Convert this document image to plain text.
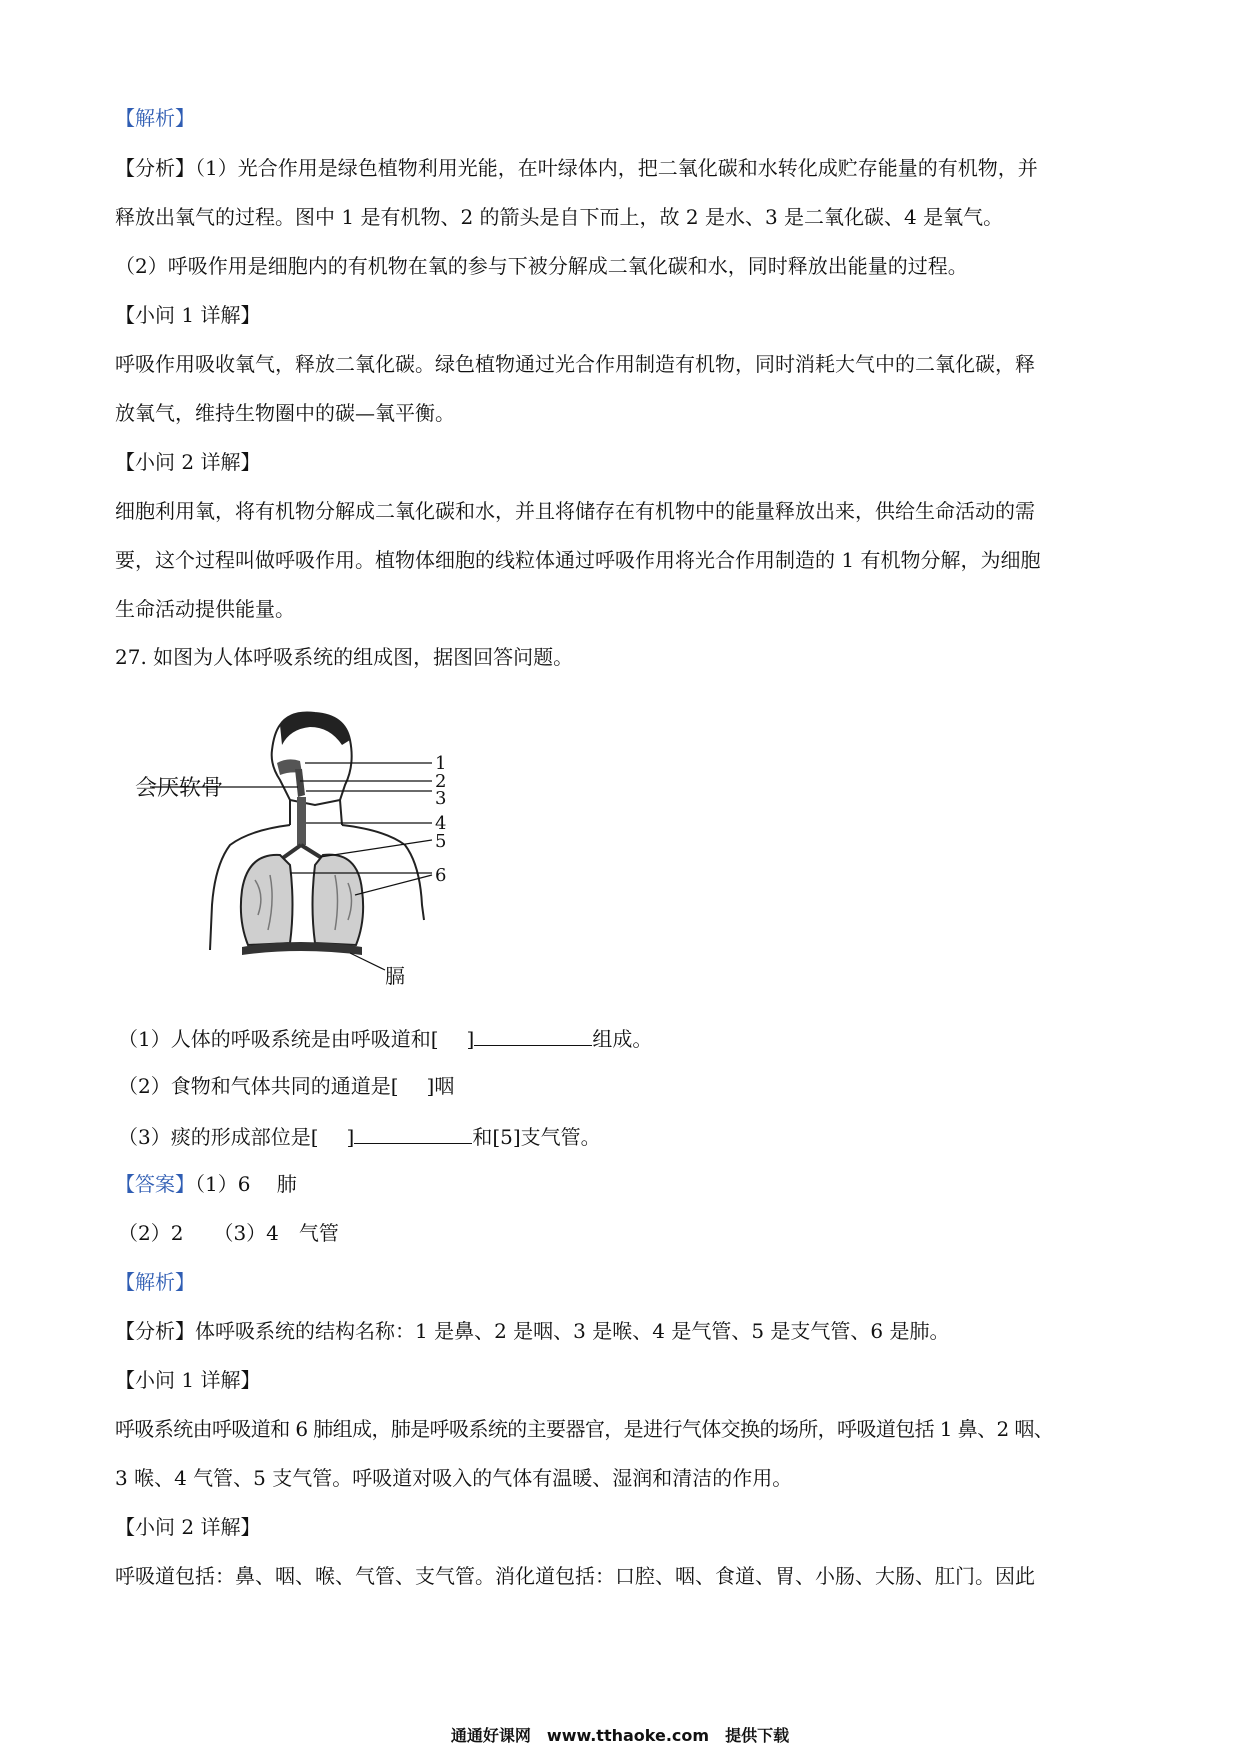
【解析】
【分析】（1）光合作用是绿色植物利用光能，在叶绿体内，把二氧化碳和水转化成贮存能量的有机物，并
释放出氧气的过程。图中 1 是有机物、2 的箭头是自下而上，故 2 是水、3 是二氧化碳、4 是氧气。
（2）呼吸作用是细胞内的有机物在氧的参与下被分解成二氧化碳和水，同时释放出能量的过程。
【小问 1 详解】
呼吸作用吸收氧气，释放二氧化碳。绿色植物通过光合作用制造有机物，同时消耗大气中的二氧化碳，释
放氧气，维持生物圈中的碳—氧平衡。
【小问 2 详解】
细胞利用氧，将有机物分解成二氧化碳和水，并且将储存在有机物中的能量释放出来，供给生命活动的需
要，这个过程叫做呼吸作用。植物体细胞的线粒体通过呼吸作用将光合作用制造的 1 有机物分解，为细胞
生命活动提供能量。
27. 如图为人体呼吸系统的组成图，据图回答问题。
1
2
3
4
5
6
会厌软骨
膈
（1）人体的呼吸系统是由呼吸道和[ ]	组成。
（2）食物和气体共同的通道是[ ]咽
（3）痰的形成部位是[ ]	和[5]支气管。
【答案】（1）6　 肺
（2）2　　（3）4　气管
【解析】
【分析】体呼吸系统的结构名称：1 是鼻、2 是咽、3 是喉、4 是气管、5 是支气管、6 是肺。
【小问 1 详解】
呼吸系统由呼吸道和 6 肺组成，肺是呼吸系统的主要器官，是进行气体交换的场所，呼吸道包括 1 鼻、2 咽、
3 喉、4 气管、5 支气管。呼吸道对吸入的气体有温暖、湿润和清洁的作用。
【小问 2 详解】
呼吸道包括：鼻、咽、喉、气管、支气管。消化道包括：口腔、咽、食道、胃、小肠、大肠、肛门。因此
通通好课网　www.tthaoke.com　提供下载
